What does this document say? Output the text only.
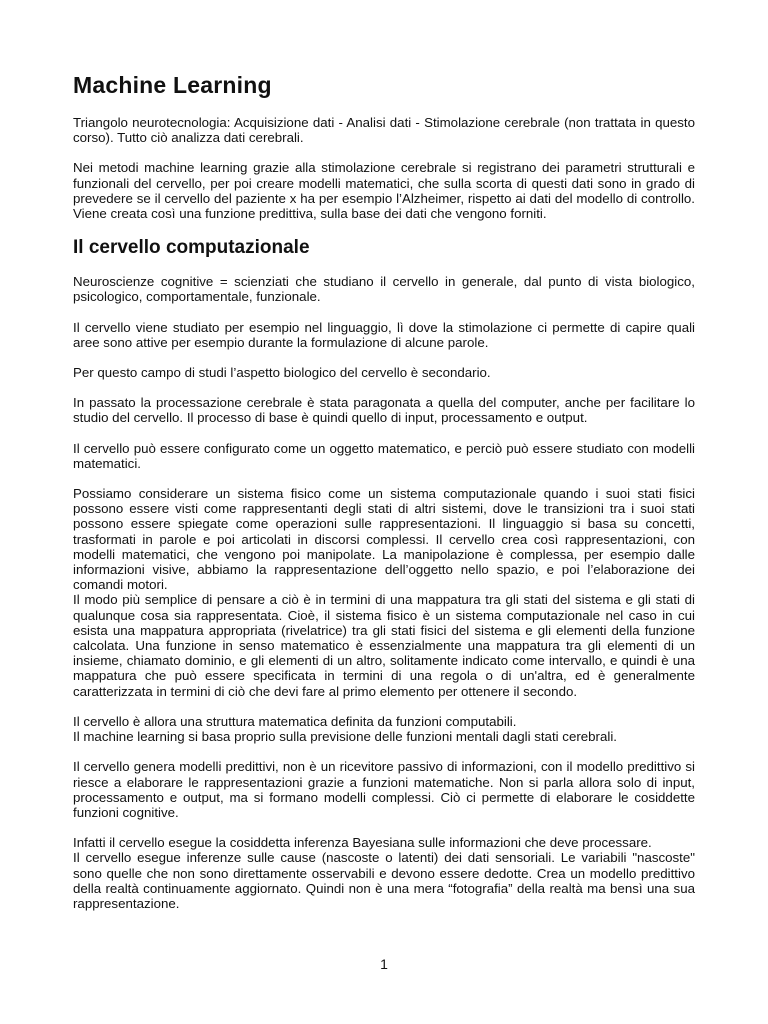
Machine Learning

Triangolo neurotecnologia: Acquisizione dati - Analisi dati - Stimolazione cerebrale (non trattata in questo corso). Tutto ciò analizza dati cerebrali.

Nei metodi machine learning grazie alla stimolazione cerebrale si registrano dei parametri strutturali e funzionali del cervello, per poi creare modelli matematici, che sulla scorta di questi dati sono in grado di prevedere se il cervello del paziente x ha per esempio l’Alzheimer, rispetto ai dati del modello di controllo. Viene creata così una funzione predittiva, sulla base dei dati che vengono forniti.

Il cervello computazionale

Neuroscienze cognitive = scienziati che studiano il cervello in generale, dal punto di vista biologico, psicologico, comportamentale, funzionale.

Il cervello viene studiato per esempio nel linguaggio, lì dove la stimolazione ci permette di capire quali aree sono attive per esempio durante la formulazione di alcune parole.

Per questo campo di studi l’aspetto biologico del cervello è secondario.

In passato la processazione cerebrale è stata paragonata a quella del computer, anche per facilitare lo studio del cervello. Il processo di base è quindi quello di input, processamento e output.

Il cervello può essere configurato come un oggetto matematico, e perciò può essere studiato con modelli matematici.

Possiamo considerare un sistema fisico come un sistema computazionale quando i suoi stati fisici possono essere visti come rappresentanti degli stati di altri sistemi, dove le transizioni tra i suoi stati possono essere spiegate come operazioni sulle rappresentazioni. Il linguaggio si basa su concetti, trasformati in parole e poi articolati in discorsi complessi. Il cervello crea così rappresentazioni, con modelli matematici, che vengono poi manipolate. La manipolazione è complessa, per esempio dalle informazioni visive, abbiamo la rappresentazione dell’oggetto nello spazio, e poi l’elaborazione dei comandi motori.

Il modo più semplice di pensare a ciò è in termini di una mappatura tra gli stati del sistema e gli stati di qualunque cosa sia rappresentata. Cioè, il sistema fisico è un sistema computazionale nel caso in cui esista una mappatura appropriata (rivelatrice) tra gli stati fisici del sistema e gli elementi della funzione calcolata. Una funzione in senso matematico è essenzialmente una mappatura tra gli elementi di un insieme, chiamato dominio, e gli elementi di un altro, solitamente indicato come intervallo, e quindi è una mappatura che può essere specificata in termini di una regola o di un'altra, ed è generalmente caratterizzata in termini di ciò che devi fare al primo elemento per ottenere il secondo.

Il cervello è allora una struttura matematica definita da funzioni computabili.

Il machine learning si basa proprio sulla previsione delle funzioni mentali dagli stati cerebrali.

Il cervello genera modelli predittivi, non è un ricevitore passivo di informazioni, con il modello predittivo si riesce a elaborare le rappresentazioni grazie a funzioni matematiche. Non si parla allora solo di input, processamento e output, ma si formano modelli complessi. Ciò ci permette di elaborare le cosiddette funzioni cognitive.

Infatti il cervello esegue la cosiddetta inferenza Bayesiana sulle informazioni che deve processare.

Il cervello esegue inferenze sulle cause (nascoste o latenti) dei dati sensoriali. Le variabili "nascoste" sono quelle che non sono direttamente osservabili e devono essere dedotte. Crea un modello predittivo della realtà continuamente aggiornato. Quindi non è una mera “fotografia” della realtà ma bensì una sua rappresentazione.

1
